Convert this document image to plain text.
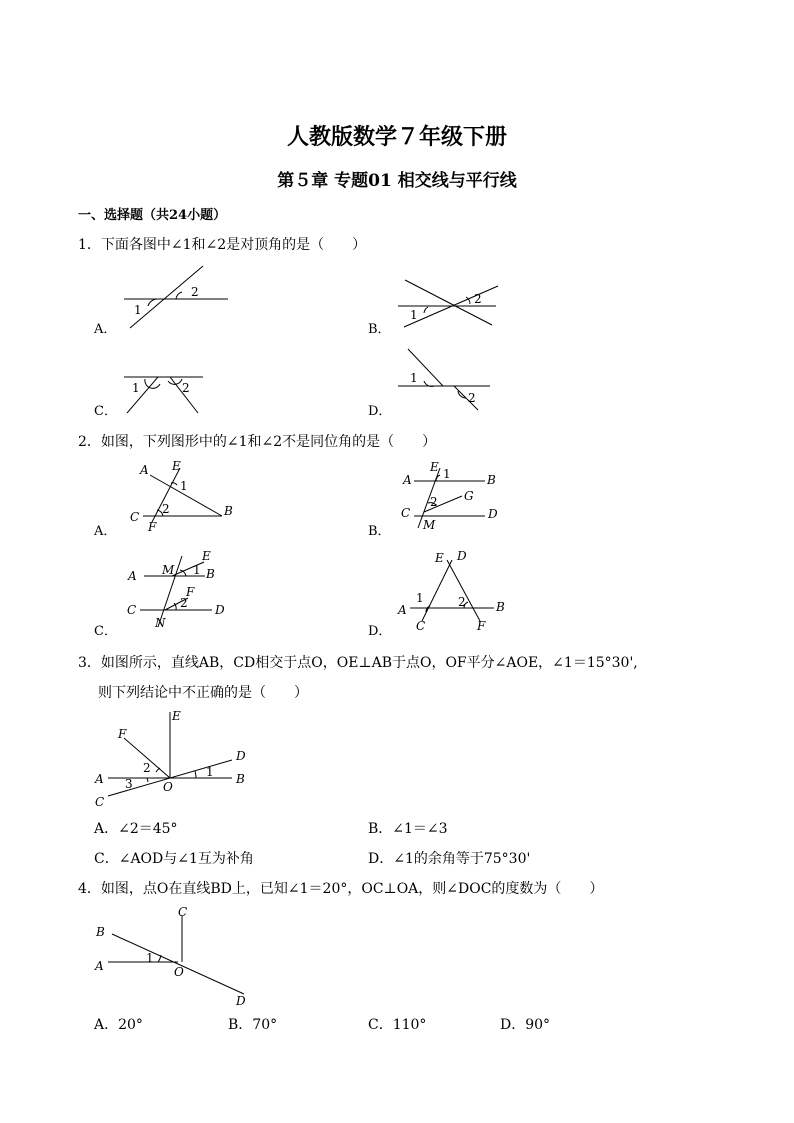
人教版数学７年级下册
第５章 专题01 相交线与平行线
一、选择题（共24小题）
1．下面各图中∠1和∠2是对顶角的是（　　）
A．	B．
C．	D．
1
2
1
2
1	2
1
2
2．如图，下列图形中的∠1和∠2不是同位角的是（　　）
A．	B．
C．	D．
A E
1
2
C	B
F
A
E 1	B
G
2
C	D
M
A M 1 B
E
F
2
C	D
N
E D
1	2
A	B
C	F
3．如图所示，直线AB，CD相交于点O，OE⊥AB于点O，OF平分∠AOE，∠1＝15°30',
则下列结论中不正确的是（　　）
E
F
D
2	1
A	B
3	O
C
A．∠2＝45°	B．∠1＝∠3
C．∠AOD与∠1互为补角	D．∠1的余角等于75°30'
4．如图，点O在直线BD上，已知∠1＝20°，OC⊥OA，则∠DOC的度数为（　　）
C
B
1
A	O
D
A．20°	B．70°	C．110°	D．90°
